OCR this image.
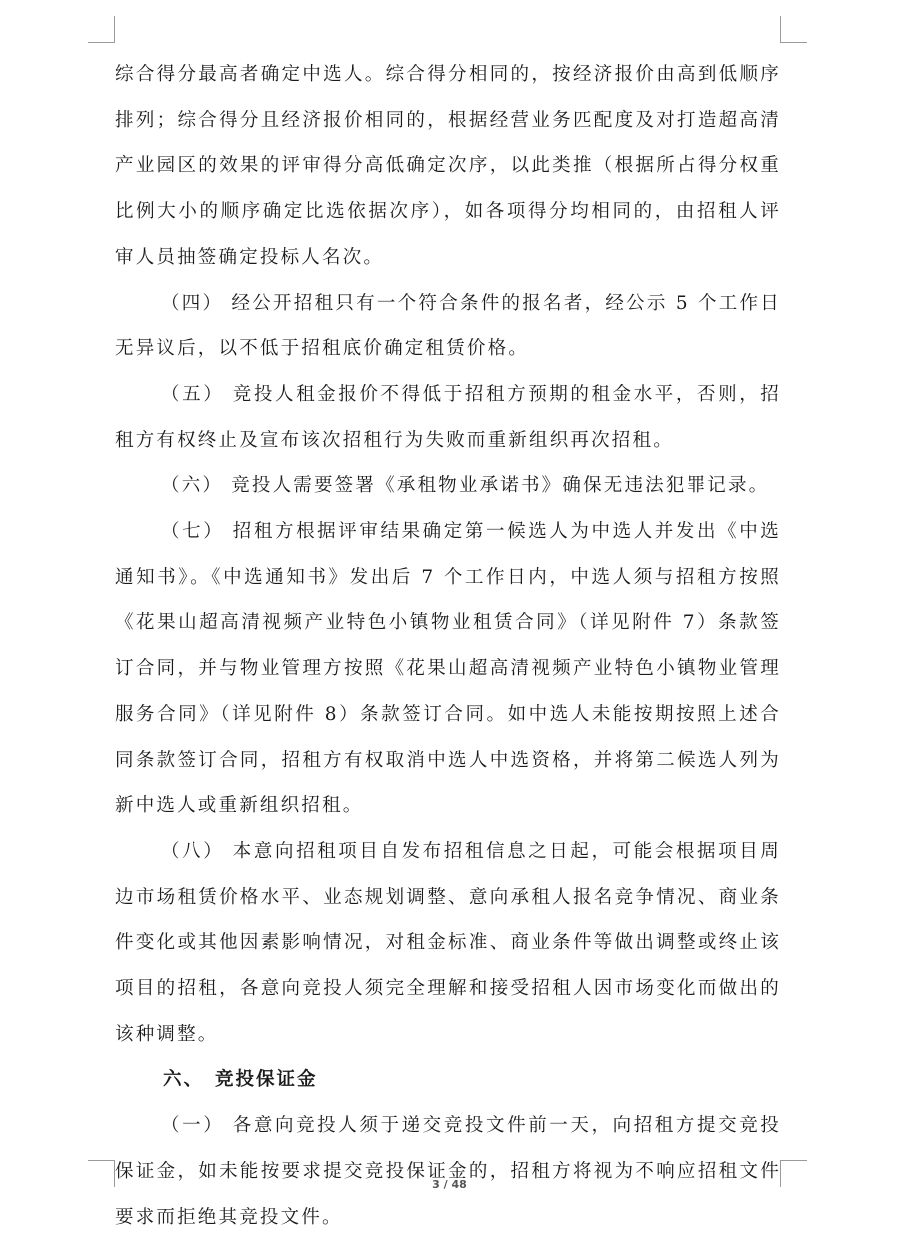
综合得分最高者确定中选人。综合得分相同的，按经济报价由高到低顺序排列；综合得分且经济报价相同的，根据经营业务匹配度及对打造超高清产业园区的效果的评审得分高低确定次序，以此类推（根据所占得分权重比例大小的顺序确定比选依据次序），如各项得分均相同的，由招租人评审人员抽签确定投标人名次。

（四） 经公开招租只有一个符合条件的报名者，经公示 5 个工作日无异议后，以不低于招租底价确定租赁价格。

（五） 竞投人租金报价不得低于招租方预期的租金水平，否则，招租方有权终止及宣布该次招租行为失败而重新组织再次招租。

（六） 竞投人需要签署《承租物业承诺书》确保无违法犯罪记录。

（七） 招租方根据评审结果确定第一候选人为中选人并发出《中选通知书》。《中选通知书》发出后 7 个工作日内，中选人须与招租方按照《花果山超高清视频产业特色小镇物业租赁合同》（详见附件 7）条款签订合同，并与物业管理方按照《花果山超高清视频产业特色小镇物业管理服务合同》（详见附件 8）条款签订合同。如中选人未能按期按照上述合同条款签订合同，招租方有权取消中选人中选资格，并将第二候选人列为新中选人或重新组织招租。

（八） 本意向招租项目自发布招租信息之日起，可能会根据项目周边市场租赁价格水平、业态规划调整、意向承租人报名竞争情况、商业条件变化或其他因素影响情况，对租金标准、商业条件等做出调整或终止该项目的招租，各意向竞投人须完全理解和接受招租人因市场变化而做出的该种调整。

六、 竞投保证金

（一） 各意向竞投人须于递交竞投文件前一天，向招租方提交竞投保证金，如未能按要求提交竞投保证金的，招租方将视为不响应招租文件要求而拒绝其竞投文件。

3 / 48
